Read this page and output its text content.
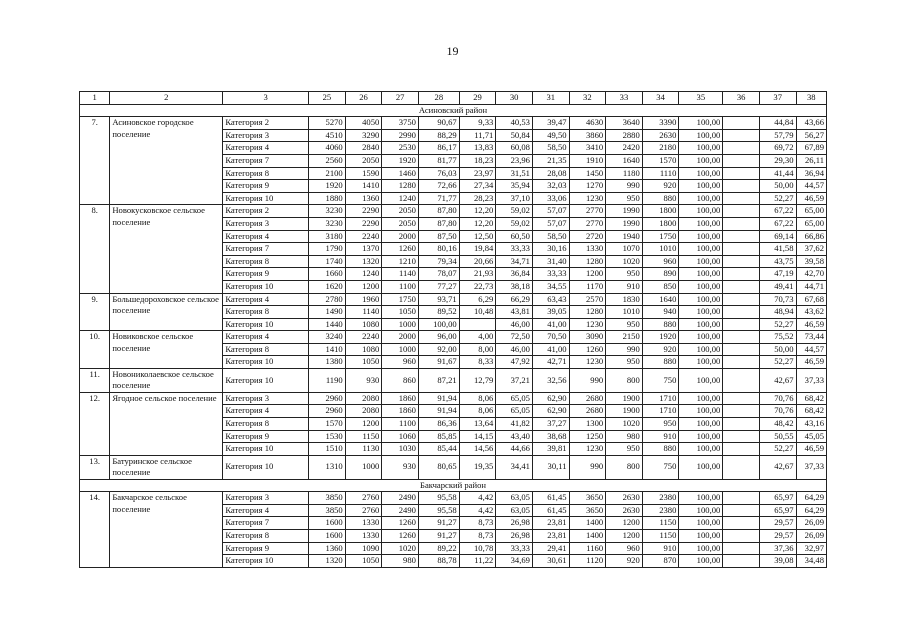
19
1	2	3	25	26	27	28	29	30	31	32	33	34	35	36	37	38
Асиновский район																
7.	Асиновское городское поселение	Категория 2	5270	4050	3750	90,67	9,33	40,53	39,47	4630	3640	3390	100,00		44,84	43,66
		Категория 3	4510	3290	2990	88,29	11,71	50,84	49,50	3860	2880	2630	100,00		57,79	56,27
		Категория 4	4060	2840	2530	86,17	13,83	60,08	58,50	3410	2420	2180	100,00		69,72	67,89
		Категория 7	2560	2050	1920	81,77	18,23	23,96	21,35	1910	1640	1570	100,00		29,30	26,11
		Категория 8	2100	1590	1460	76,03	23,97	31,51	28,08	1450	1180	1110	100,00		41,44	36,94
		Категория 9	1920	1410	1280	72,66	27,34	35,94	32,03	1270	990	920	100,00		50,00	44,57
		Категория 10	1880	1360	1240	71,77	28,23	37,10	33,06	1230	950	880	100,00		52,27	46,59
8.	Новокусковское сельское поселение	Категория 2	3230	2290	2050	87,80	12,20	59,02	57,07	2770	1990	1800	100,00		67,22	65,00
		Категория 3	3230	2290	2050	87,80	12,20	59,02	57,07	2770	1990	1800	100,00		67,22	65,00
		Категория 4	3180	2240	2000	87,50	12,50	60,50	58,50	2720	1940	1750	100,00		69,14	66,86
		Категория 7	1790	1370	1260	80,16	19,84	33,33	30,16	1330	1070	1010	100,00		41,58	37,62
		Категория 8	1740	1320	1210	79,34	20,66	34,71	31,40	1280	1020	960	100,00		43,75	39,58
		Категория 9	1660	1240	1140	78,07	21,93	36,84	33,33	1200	950	890	100,00		47,19	42,70
		Категория 10	1620	1200	1100	77,27	22,73	38,18	34,55	1170	910	850	100,00		49,41	44,71
9.	Большедороховское сельское поселение	Категория 4	2780	1960	1750	93,71	6,29	66,29	63,43	2570	1830	1640	100,00		70,73	67,68
		Категория 8	1490	1140	1050	89,52	10,48	43,81	39,05	1280	1010	940	100,00		48,94	43,62
		Категория 10	1440	1080	1000	100,00		46,00	41,00	1230	950	880	100,00		52,27	46,59
10.	Новиковское сельское поселение	Категория 4	3240	2240	2000	96,00	4,00	72,50	70,50	3090	2150	1920	100,00		75,52	73,44
		Категория 8	1410	1080	1000	92,00	8,00	46,00	41,00	1260	990	920	100,00		50,00	44,57
		Категория 10	1380	1050	960	91,67	8,33	47,92	42,71	1230	950	880	100,00		52,27	46,59
11.	Новониколаевское сельское поселение	Категория 10	1190	930	860	87,21	12,79	37,21	32,56	990	800	750	100,00		42,67	37,33
12.	Ягодное сельское поселение	Категория 3	2960	2080	1860	91,94	8,06	65,05	62,90	2680	1900	1710	100,00		70,76	68,42
		Категория 4	2960	2080	1860	91,94	8,06	65,05	62,90	2680	1900	1710	100,00		70,76	68,42
		Категория 8	1570	1200	1100	86,36	13,64	41,82	37,27	1300	1020	950	100,00		48,42	43,16
		Категория 9	1530	1150	1060	85,85	14,15	43,40	38,68	1250	980	910	100,00		50,55	45,05
		Категория 10	1510	1130	1030	85,44	14,56	44,66	39,81	1230	950	880	100,00		52,27	46,59
13.	Батуринское сельское поселение	Категория 10	1310	1000	930	80,65	19,35	34,41	30,11	990	800	750	100,00		42,67	37,33
Бакчарский район																
14.	Бакчарское сельское поселение	Категория 3	3850	2760	2490	95,58	4,42	63,05	61,45	3650	2630	2380	100,00		65,97	64,29
		Категория 4	3850	2760	2490	95,58	4,42	63,05	61,45	3650	2630	2380	100,00		65,97	64,29
		Категория 7	1600	1330	1260	91,27	8,73	26,98	23,81	1400	1200	1150	100,00		29,57	26,09
		Категория 8	1600	1330	1260	91,27	8,73	26,98	23,81	1400	1200	1150	100,00		29,57	26,09
		Категория 9	1360	1090	1020	89,22	10,78	33,33	29,41	1160	960	910	100,00		37,36	32,97
		Категория 10	1320	1050	980	88,78	11,22	34,69	30,61	1120	920	870	100,00		39,08	34,48
